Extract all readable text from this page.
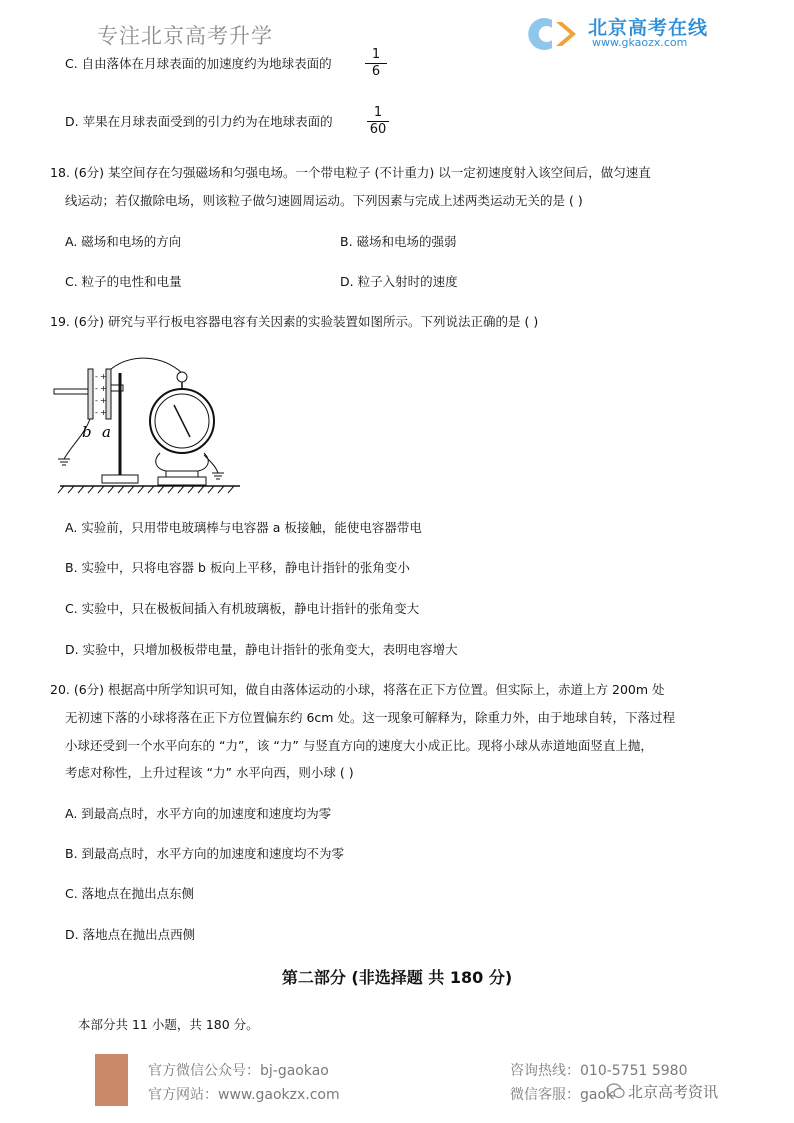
专注北京高考升学	北京高考在线
www.gkaozx.com
C. 自由落体在月球表面的加速度约为地球表面的	$\frac{1}{6}$
D. 苹果在月球表面受到的引力约为在地球表面的	$\frac{1}{60}$
18. (6分) 某空间存在匀强磁场和匀强电场。一个带电粒子 (不计重力) 以一定初速度射入该空间后，做匀速直
线运动；若仅撤除电场，则该粒子做匀速圆周运动。下列因素与完成上述两类运动无关的是 ( )
A. 磁场和电场的方向	B. 磁场和电场的强弱
C. 粒子的电性和电量	D. 粒子入射时的速度
19. (6分) 研究与平行板电容器电容有关因素的实验装置如图所示。下列说法正确的是 ( )
- +
- +
- +
- +
b a
A. 实验前，只用带电玻璃棒与电容器 a 板接触，能使电容器带电
B. 实验中，只将电容器 b 板向上平移，静电计指针的张角变小
C. 实验中，只在极板间插入有机玻璃板，静电计指针的张角变大
D. 实验中，只增加极板带电量，静电计指针的张角变大，表明电容增大
20. (6分) 根据高中所学知识可知，做自由落体运动的小球，将落在正下方位置。但实际上，赤道上方 200m 处
无初速下落的小球将落在正下方位置偏东约 6cm 处。这一现象可解释为，除重力外，由于地球自转，下落过程
小球还受到一个水平向东的 “力”，该 “力” 与竖直方向的速度大小成正比。现将小球从赤道地面竖直上抛，
考虑对称性，上升过程该 “力” 水平向西，则小球 ( )
A. 到最高点时，水平方向的加速度和速度均为零
B. 到最高点时，水平方向的加速度和速度均不为零
C. 落地点在抛出点东侧
D. 落地点在抛出点西侧
第二部分 (非选择题 共 180 分)
本部分共 11 小题，共 180 分。
官方微信公众号：bj-gaokao
官方网站：www.gaokzx.com
咨询热线：010-5751 5980
微信客服：gaok 北京高考资讯
